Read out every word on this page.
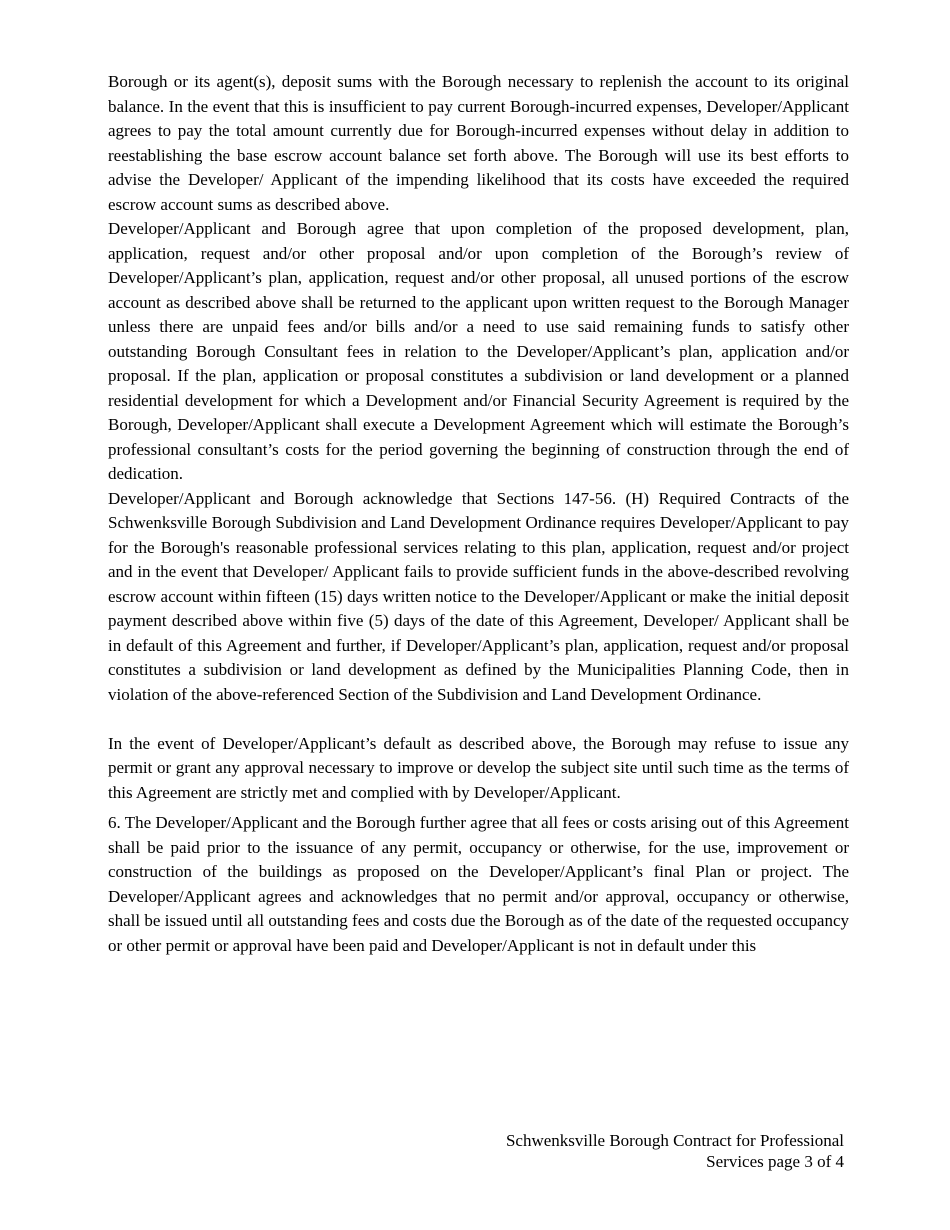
Borough or its agent(s), deposit sums with the Borough necessary to replenish the account to its original balance. In the event that this is insufficient to pay current Borough-incurred expenses, Developer/Applicant agrees to pay the total amount currently due for Borough-incurred expenses without delay in addition to reestablishing the base escrow account balance set forth above. The Borough will use its best efforts to advise the Developer/ Applicant of the impending likelihood that its costs have exceeded the required escrow account sums as described above.

Developer/Applicant and Borough agree that upon completion of the proposed development, plan, application, request and/or other proposal and/or upon completion of the Borough’s review of Developer/Applicant’s plan, application, request and/or other proposal, all unused portions of the escrow account as described above shall be returned to the applicant upon written request to the Borough Manager unless there are unpaid fees and/or bills and/or a need to use said remaining funds to satisfy other outstanding Borough Consultant fees in relation to the Developer/Applicant’s plan, application and/or proposal. If the plan, application or proposal constitutes a subdivision or land development or a planned residential development for which a Development and/or Financial Security Agreement is required by the Borough, Developer/Applicant shall execute a Development Agreement which will estimate the Borough’s professional consultant’s costs for the period governing the beginning of construction through the end of dedication.

Developer/Applicant and Borough acknowledge that Sections 147-56. (H) Required Contracts of the Schwenksville Borough Subdivision and Land Development Ordinance requires Developer/Applicant to pay for the Borough's reasonable professional services relating to this plan, application, request and/or project and in the event that Developer/ Applicant fails to provide sufficient funds in the above-described revolving escrow account within fifteen (15) days written notice to the Developer/Applicant or make the initial deposit payment described above within five (5) days of the date of this Agreement, Developer/ Applicant shall be in default of this Agreement and further, if Developer/Applicant’s plan, application, request and/or proposal constitutes a subdivision or land development as defined by the Municipalities Planning Code, then in violation of the above-referenced Section of the Subdivision and Land Development Ordinance.

In the event of Developer/Applicant’s default as described above, the Borough may refuse to issue any permit or grant any approval necessary to improve or develop the subject site until such time as the terms of this Agreement are strictly met and complied with by Developer/Applicant.

6. The Developer/Applicant and the Borough further agree that all fees or costs arising out of this Agreement shall be paid prior to the issuance of any permit, occupancy or otherwise, for the use, improvement or construction of the buildings as proposed on the Developer/Applicant’s final Plan or project. The Developer/Applicant agrees and acknowledges that no permit and/or approval, occupancy or otherwise, shall be issued until all outstanding fees and costs due the Borough as of the date of the requested occupancy or other permit or approval have been paid and Developer/Applicant is not in default under this

Schwenksville Borough Contract for Professional
Services page 3 of 4
